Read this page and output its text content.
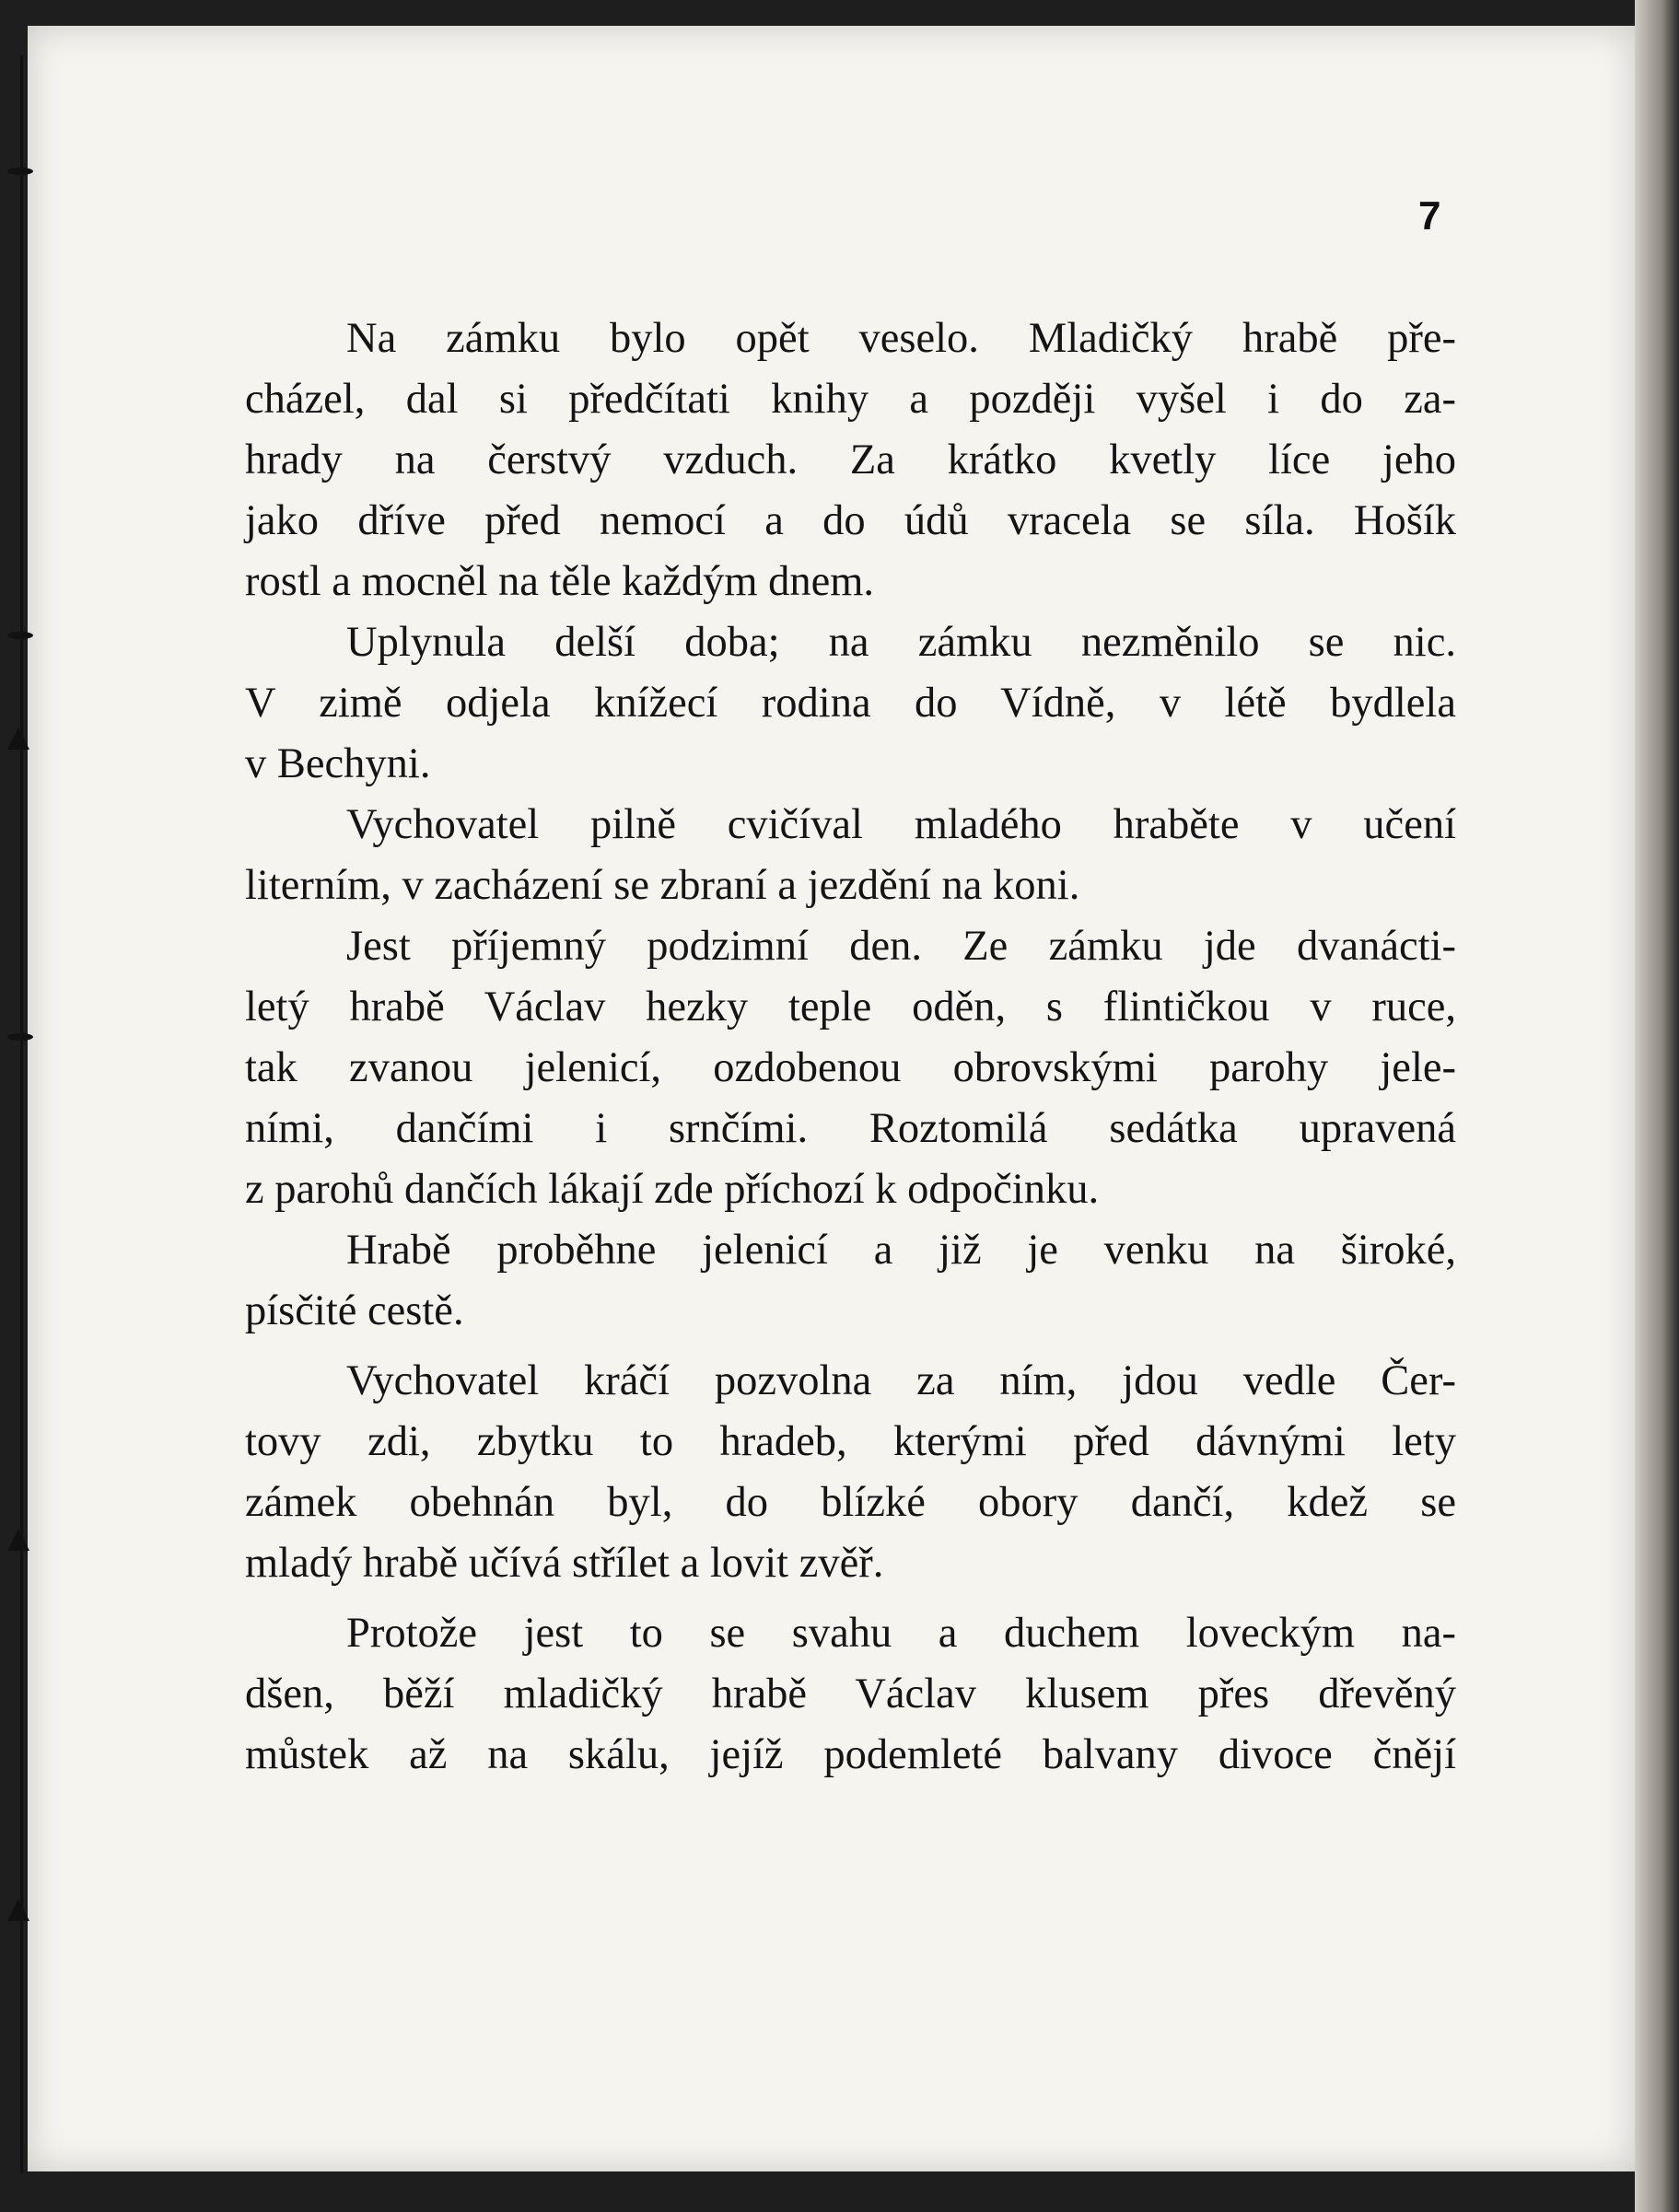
7
Na zámku bylo opět veselo. Mladičký hrabě pře-
cházel, dal si předčítati knihy a později vyšel i do za-
hrady na čerstvý vzduch. Za krátko kvetly líce jeho
jako dříve před nemocí a do údů vracela se síla. Hošík
rostl a mocněl na těle každým dnem.
Uplynula delší doba; na zámku nezměnilo se nic.
V zimě odjela knížecí rodina do Vídně, v létě bydlela
v Bechyni.
Vychovatel pilně cvičíval mladého hraběte v učení
literním, v zacházení se zbraní a jezdění na koni.
Jest příjemný podzimní den. Ze zámku jde dvanácti-
letý hrabě Václav hezky teple oděn, s flintičkou v ruce,
tak zvanou jelenicí, ozdobenou obrovskými parohy jele-
ními, dančími i srnčími. Roztomilá sedátka upravená
z parohů dančích lákají zde příchozí k odpočinku.
Hrabě proběhne jelenicí a již je venku na široké,
písčité cestě.
Vychovatel kráčí pozvolna za ním, jdou vedle Čer-
tovy zdi, zbytku to hradeb, kterými před dávnými lety
zámek obehnán byl, do blízké obory dančí, kdež se
mladý hrabě učívá střílet a lovit zvěř.
Protože jest to se svahu a duchem loveckým na-
dšen, běží mladičký hrabě Václav klusem přes dřevěný
můstek až na skálu, jejíž podemleté balvany divoce čnějí
